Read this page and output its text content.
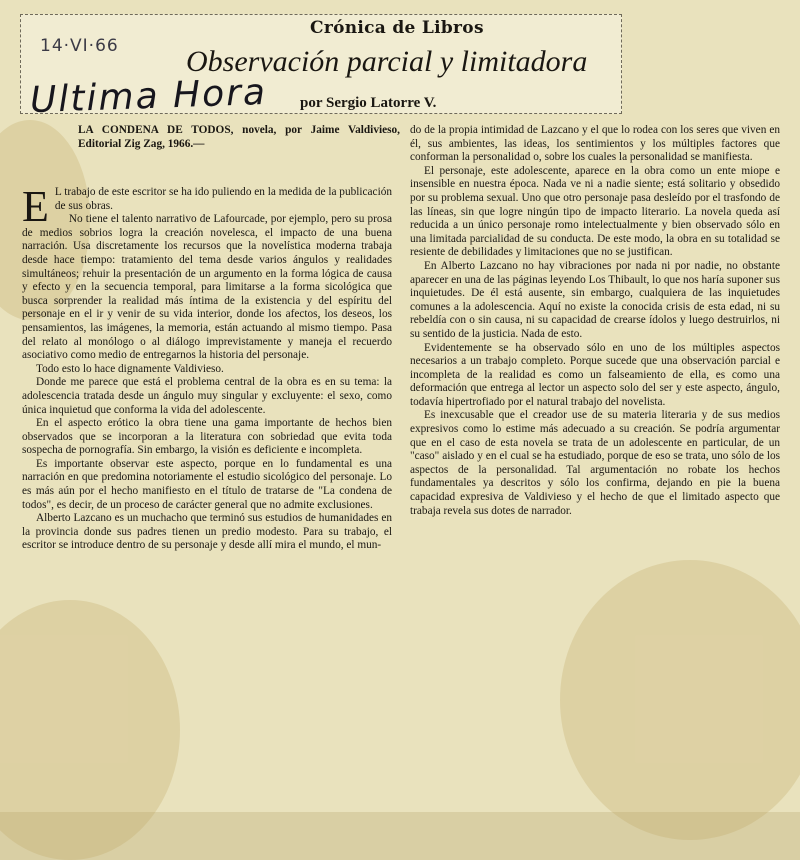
Crónica de Libros
14·VI·66 Observación parcial y limitadora
Ultima Hora por Sergio Latorre V.
LA CONDENA DE TODOS, novela, por Jaime Valdivieso, Editorial Zig Zag, 1966.—

E L trabajo de este escritor se ha ido puliendo en la medida de la publicación de sus obras.

No tiene el talento narrativo de Lafourcade, por ejemplo, pero su prosa de medios sobrios logra la creación novelesca, el impacto de una buena narración. Usa discretamente los recursos que la novelística moderna trabaja desde hace tiempo: tratamiento del tema desde varios ángulos y realidades simultáneos; rehuir la presentación de un argumento en la forma lógica de causa y efecto y en la secuencia temporal, para limitarse a la forma sicológica que busca sorprender la realidad más íntima de la existencia y del espíritu del personaje en el ir y venir de su vida interior, donde los afectos, los deseos, los pensamientos, las imágenes, la memoria, están actuando al mismo tiempo. Pasa del relato al monólogo o al diálogo imprevistamente y maneja el recuerdo asociativo como medio de entregarnos la historia del personaje.

Todo esto lo hace dignamente Valdivieso.

Donde me parece que está el problema central de la obra es en su tema: la adolescencia tratada desde un ángulo muy singular y excluyente: el sexo, como única inquietud que conforma la vida del adolescente.

En el aspecto erótico la obra tiene una gama importante de hechos bien observados que se incorporan a la literatura con sobriedad que evita toda sospecha de pornografía. Sin embargo, la visión es deficiente e incompleta.

Es importante observar este aspecto, porque en lo fundamental es una narración en que predomina notoriamente el estudio sicológico del personaje. Lo es más aún por el hecho manifiesto en el título de tratarse de "La condena de todos", es decir, de un proceso de carácter general que no admite exclusiones.

Alberto Lazcano es un muchacho que terminó sus estudios de humanidades en la provincia donde sus padres tienen un predio modesto. Para su trabajo, el escritor se introduce dentro de su personaje y desde allí mira el mundo, el mun-

do de la propia intimidad de Lazcano y el que lo rodea con los seres que viven en él, sus ambientes, las ideas, los sentimientos y los múltiples factores que conforman la personalidad o, sobre los cuales la personalidad se manifiesta.

El personaje, este adolescente, aparece en la obra como un ente miope e insensible en nuestra época. Nada ve ni a nadie siente; está solitario y obsedido por su problema sexual. Uno que otro personaje pasa desleído por el trasfondo de las líneas, sin que logre ningún tipo de impacto literario. La novela queda así reducida a un único personaje romo intelectualmente y bien observado sólo en una limitada parcialidad de su conducta. De este modo, la obra en su totalidad se resiente de debilidades y limitaciones que no se justifican.

En Alberto Lazcano no hay vibraciones por nada ni por nadie, no obstante aparecer en una de las páginas leyendo Los Thibault, lo que nos haría suponer sus inquietudes. De él está ausente, sin embargo, cualquiera de las inquietudes comunes a la adolescencia. Aquí no existe la conocida crisis de esta edad, ni su rebeldía con o sin causa, ni su capacidad de crearse ídolos y luego destruirlos, ni su sentido de la justicia. Nada de esto.

Evidentemente se ha observado sólo en uno de los múltiples aspectos necesarios a un trabajo completo. Porque sucede que una observación parcial e incompleta de la realidad es como un falseamiento de ella, es como una deformación que entrega al lector un aspecto solo del ser y este aspecto, ángulo, todavía hipertrofiado por el natural trabajo del novelista.

Es inexcusable que el creador use de su materia literaria y de sus medios expresivos como lo estime más adecuado a su creación. Se podría argumentar que en el caso de esta novela se trata de un adolescente en particular, de un "caso" aislado y en el cual se ha estudiado, porque de eso se trata, uno sólo de los aspectos de la personalidad. Tal argumentación no robate los hechos fundamentales ya descritos y sólo los confirma, dejando en pie la buena capacidad expresiva de Valdivieso y el hecho de que el limitado aspecto que trabaja revela sus dotes de narrador.
